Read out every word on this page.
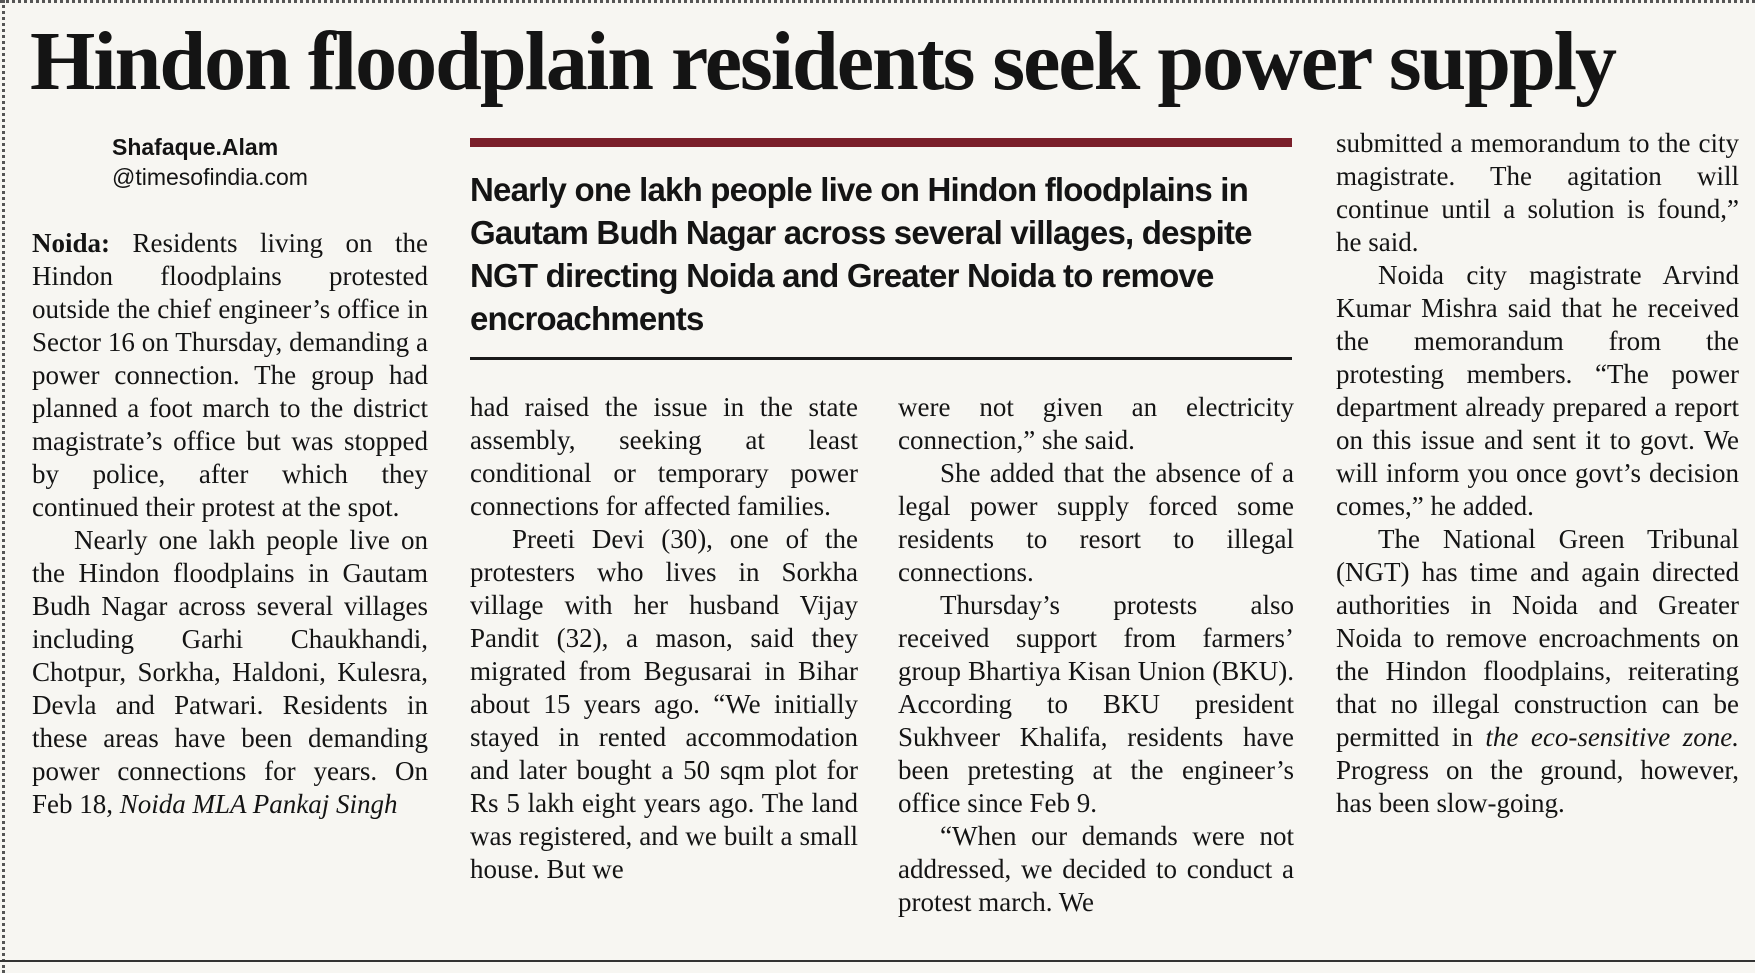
Hindon floodplain residents seek power supply
Shafaque.Alam
@timesofindia.com	Nearly one lakh people live on Hindon floodplains in Gautam Budh Nagar across several villages, despite NGT directing Noida and Greater Noida to remove encroachments

Noida: Residents living on the Hindon floodplains protested outside the chief engineer’s office in Sector 16 on Thursday, demanding a power connection. The group had planned a foot march to the district magistrate’s office but was stopped by police, after which they continued their protest at the spot.

Nearly one lakh people live on the Hindon floodplains in Gautam Budh Nagar across several villages including Garhi Chaukhandi, Chotpur, Sorkha, Haldoni, Kulesra, Devla and Patwari. Residents in these areas have been demanding power connections for years. On Feb 18, Noida MLA Pankaj Singh

had raised the issue in the state assembly, seeking at least conditional or temporary power connections for affected families.

Preeti Devi (30), one of the protesters who lives in Sorkha village with her husband Vijay Pandit (32), a mason, said they migrated from Begusarai in Bihar about 15 years ago. “We initially stayed in rented accommodation and later bought a 50 sqm plot for Rs 5 lakh eight years ago. The land was registered, and we built a small house. But we

were not given an electricity connection,” she said.

She added that the absence of a legal power supply forced some residents to resort to illegal connections.

Thursday’s protests also received support from farmers’ group Bhartiya Kisan Union (BKU). According to BKU president Sukhveer Khalifa, residents have been pretesting at the engineer’s office since Feb 9.

“When our demands were not addressed, we decided to conduct a protest march. We

submitted a memorandum to the city magistrate. The agitation will continue until a solution is found,” he said.

Noida city magistrate Arvind Kumar Mishra said that he received the memorandum from the protesting members. “The power department already prepared a report on this issue and sent it to govt. We will inform you once govt’s decision comes,” he added.

The National Green Tribunal (NGT) has time and again directed authorities in Noida and Greater Noida to remove encroachments on the Hindon floodplains, reiterating that no illegal construction can be permitted in the eco-sensitive zone. Progress on the ground, however, has been slow-going.
